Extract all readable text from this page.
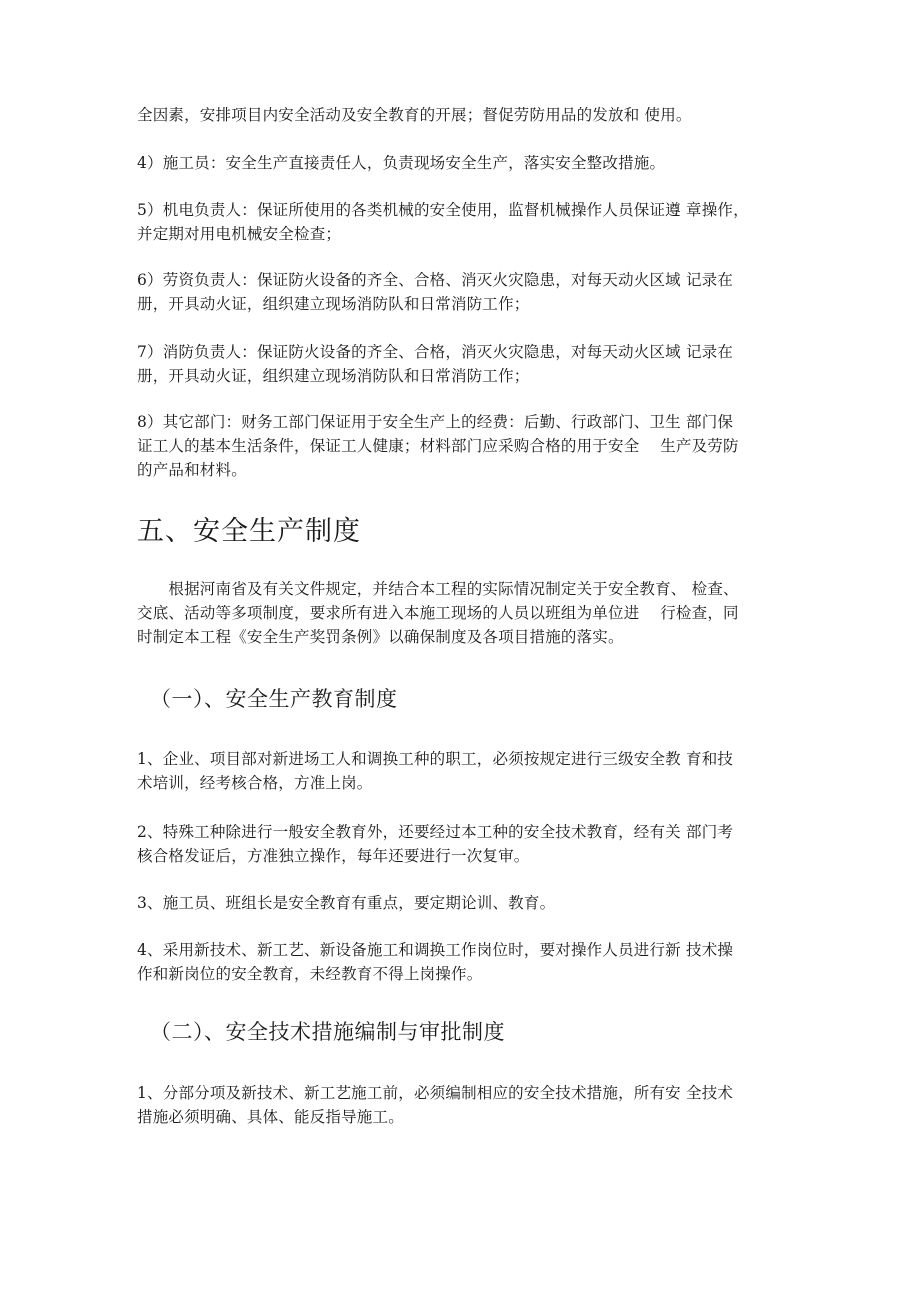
全因素，安排项目内安全活动及安全教育的开展；督促劳防用品的发放和 使用。
4）施工员：安全生产直接责任人，负责现场安全生产，落实安全整改措施。
5）机电负责人：保证所使用的各类机械的安全使用，监督机械操作人员保证遵 章操作，
并定期对用电机械安全检查；
6）劳资负责人：保证防火设备的齐全、合格、消灭火灾隐患，对每天动火区域 记录在
册，开具动火证，组织建立现场消防队和日常消防工作；
7）消防负责人：保证防火设备的齐全、合格，消灭火灾隐患，对每天动火区域 记录在
册，开具动火证，组织建立现场消防队和日常消防工作；
8）其它部门：财务工部门保证用于安全生产上的经费：后勤、行政部门、卫生 部门保
证工人的基本生活条件，保证工人健康；材料部门应采购合格的用于安全　 生产及劳防
的产品和材料。
五、安全生产制度
　　根据河南省及有关文件规定，并结合本工程的实际情况制定关于安全教育、 检查、
交底、活动等多项制度，要求所有进入本施工现场的人员以班组为单位进　 行检查，同
时制定本工程《安全生产奖罚条例》以确保制度及各项目措施的落实。
（一）、安全生产教育制度
1、企业、项目部对新进场工人和调换工种的职工，必须按规定进行三级安全教 育和技
术培训，经考核合格，方准上岗。
2、特殊工种除进行一般安全教育外，还要经过本工种的安全技术教育，经有关 部门考
核合格发证后，方准独立操作，每年还要进行一次复审。
3、施工员、班组长是安全教育有重点，要定期论训、教育。
4、采用新技术、新工艺、新设备施工和调换工作岗位时，要对操作人员进行新 技术操
作和新岗位的安全教育，未经教育不得上岗操作。
（二）、安全技术措施编制与审批制度
1、分部分项及新技术、新工艺施工前，必须编制相应的安全技术措施，所有安 全技术
措施必须明确、具体、能反指导施工。
